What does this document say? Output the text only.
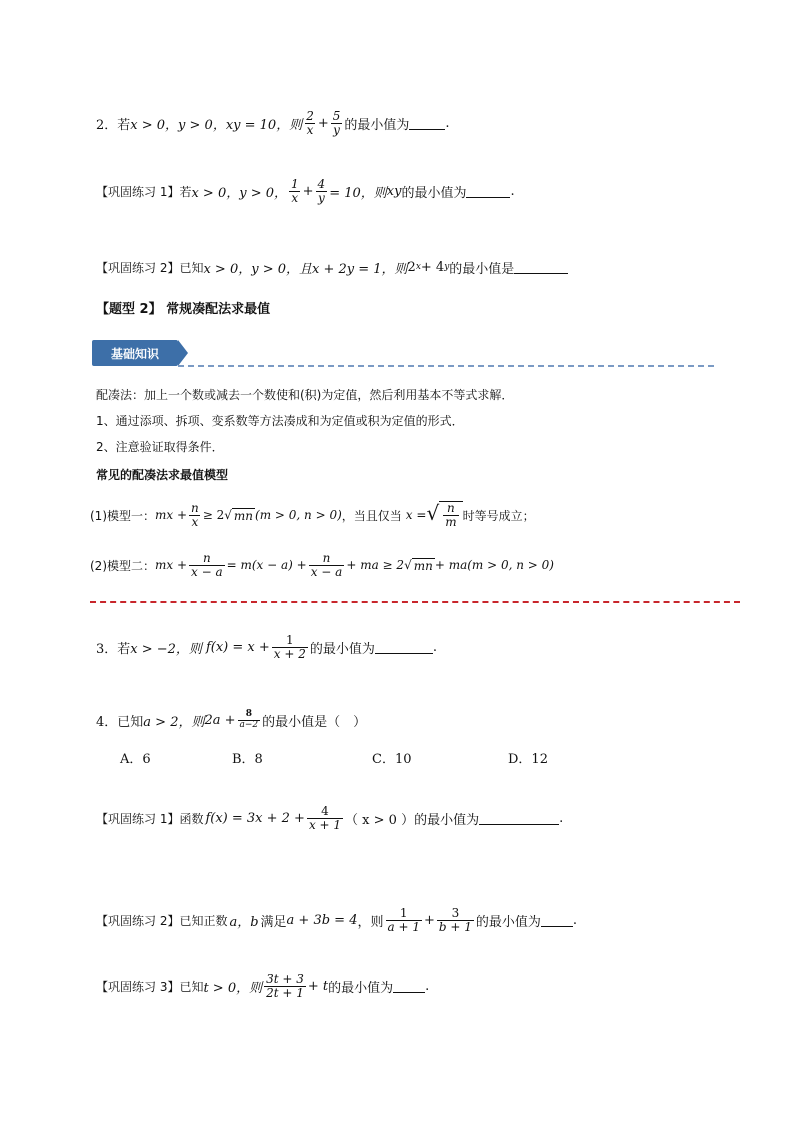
2．若 x > 0，y > 0，xy = 10，则 $\frac{2}{x} + \frac{5}{y}$ 的最小值为	.
【巩固练习 1】若 x > 0，y > 0， $\frac{1}{x} + \frac{4}{y} = 10$，则 xy 的最小值为	.
【巩固练习 2】已知 x > 0，y > 0，且 x + 2y = 1，则 2 x + 4 y 的最小值是
【题型 2】 常规凑配法求最值
基础知识
配凑法：加上一个数或减去一个数使和(积)为定值，然后利用基本不等式求解．
1、通过添项、拆项、变系数等方法凑成和为定值或积为定值的形式．
2、注意验证取得条件．
常见的配凑法求最值模型
(1)模型一： mx + $\frac{n}{x} \ge 2$ √ mn (m > 0, n > 0) ，当且仅当 x = √ $\frac{n}{m}$ 时等号成立；
(2)模型二： mx + $\frac{n}{x - a} = m(x - a) + \frac{n}{x - a}$ + ma ≥ 2 √ mn + ma(m > 0, n > 0)
3．若 x > −2，则 $f(x) = x + \frac{1}{x + 2}$ 的最小值为	.
4．已知 a > 2，则 $2a + \frac{8}{a-2}$ 的最小值是（　）
A．6	B．8	C．10	D．12
【巩固练习 1】函数 $f(x) = 3x + 2 + \frac{4}{x + 1}$ （ x > 0 ）的最小值为	.
【巩固练习 2】已知正数 a，b 满足 a + 3b = 4 ，则 $\frac{1}{a + 1} + \frac{3}{b + 1}$ 的最小值为 .
【巩固练习 3】已知 t > 0，则 $\frac{3t + 3}{2t + 1} + t$ 的最小值为 .
